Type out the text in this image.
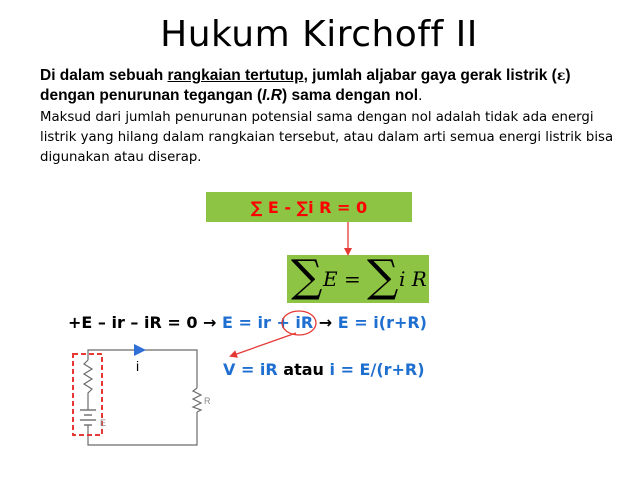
Hukum Kirchoff II
Di dalam sebuah rangkaian tertutup, jumlah aljabar gaya gerak listrik (ε) dengan penurunan tegangan (I.R) sama dengan nol.
Maksud dari jumlah penurunan potensial sama dengan nol adalah tidak ada energi listrik yang hilang dalam rangkaian tersebut, atau dalam arti semua energi listrik bisa digunakan atau diserap.
∑ E - ∑i R = 0
∑ E = ∑ i R
+E – ir – iR = 0 → E = ir + iR → E = i(r+R)
V = iR atau i = E/(r+R)
i
R
E
